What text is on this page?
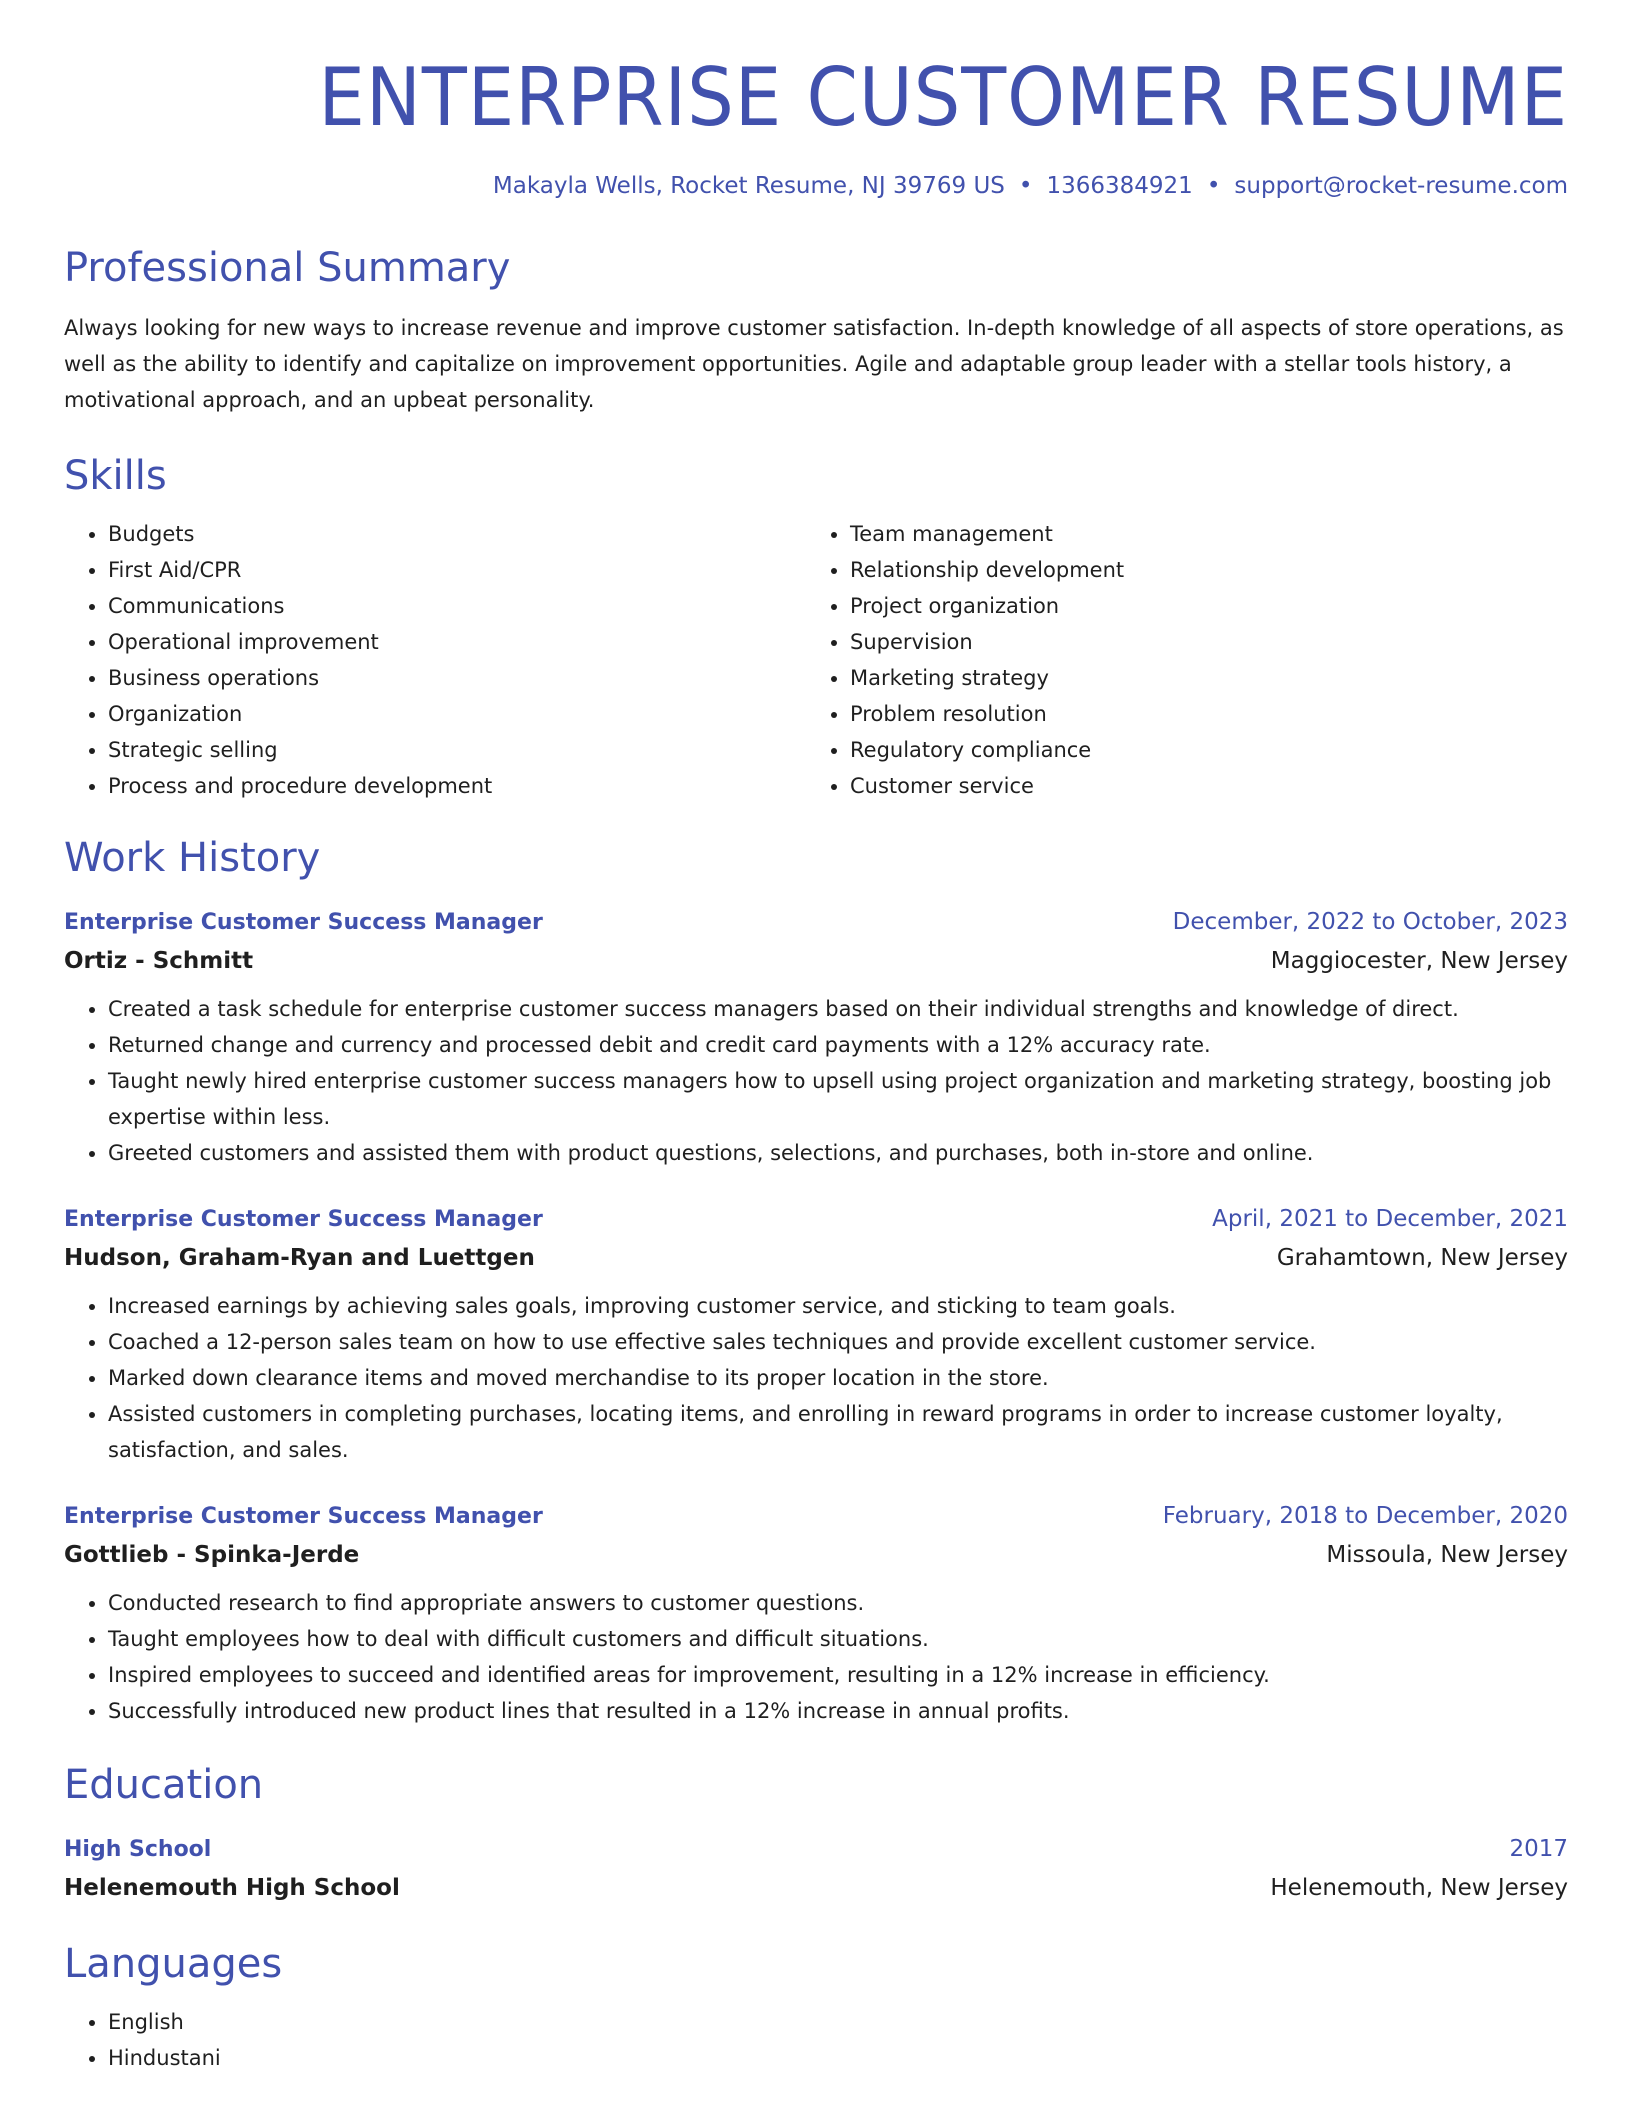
ENTERPRISE CUSTOMER RESUME
Makayla Wells, Rocket Resume, NJ 39769 US • 1366384921 • support@rocket-resume.com
Professional Summary
Always looking for new ways to increase revenue and improve customer satisfaction. In-depth knowledge of all aspects of store operations, as well as the ability to identify and capitalize on improvement opportunities. Agile and adaptable group leader with a stellar tools history, a motivational approach, and an upbeat personality.
Skills
• Budgets
• First Aid/CPR
• Communications
• Operational improvement
• Business operations
• Organization
• Strategic selling
• Process and procedure development
• Team management
• Relationship development
• Project organization
• Supervision
• Marketing strategy
• Problem resolution
• Regulatory compliance
• Customer service
Work History
Enterprise Customer Success Manager	December, 2022 to October, 2023
Ortiz - Schmitt	Maggiocester, New Jersey
• Created a task schedule for enterprise customer success managers based on their individual strengths and knowledge of direct.
• Returned change and currency and processed debit and credit card payments with a 12% accuracy rate.
• Taught newly hired enterprise customer success managers how to upsell using project organization and marketing strategy, boosting job expertise within less.
• Greeted customers and assisted them with product questions, selections, and purchases, both in-store and online.
Enterprise Customer Success Manager	April, 2021 to December, 2021
Hudson, Graham-Ryan and Luettgen	Grahamtown, New Jersey
• Increased earnings by achieving sales goals, improving customer service, and sticking to team goals.
• Coached a 12-person sales team on how to use effective sales techniques and provide excellent customer service.
• Marked down clearance items and moved merchandise to its proper location in the store.
• Assisted customers in completing purchases, locating items, and enrolling in reward programs in order to increase customer loyalty, satisfaction, and sales.
Enterprise Customer Success Manager	February, 2018 to December, 2020
Gottlieb - Spinka-Jerde	Missoula, New Jersey
• Conducted research to find appropriate answers to customer questions.
• Taught employees how to deal with difficult customers and difficult situations.
• Inspired employees to succeed and identified areas for improvement, resulting in a 12% increase in efficiency.
• Successfully introduced new product lines that resulted in a 12% increase in annual profits.
Education
High School	2017
Helenemouth High School	Helenemouth, New Jersey
Languages
• English
• Hindustani
